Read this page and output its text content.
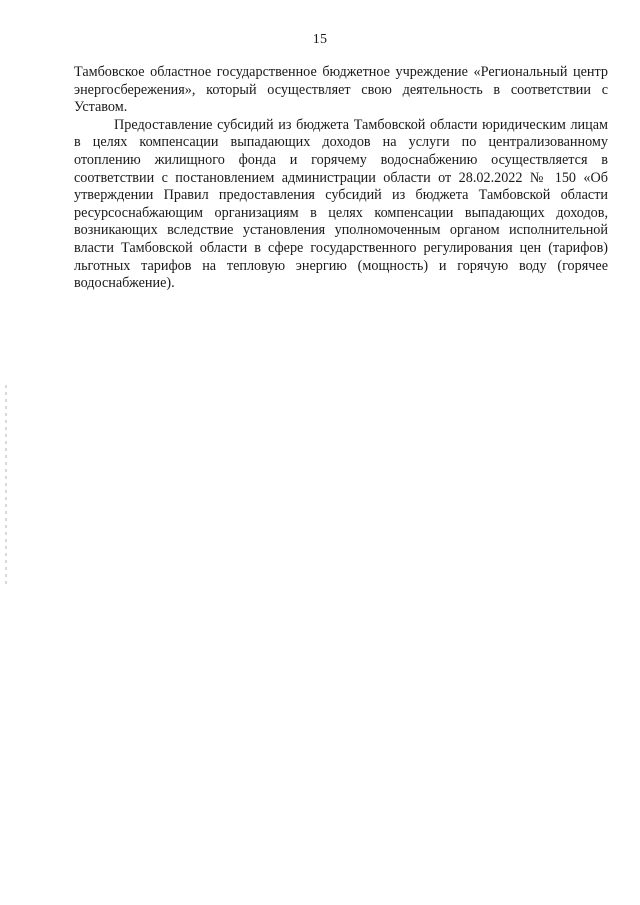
15

Тамбовское областное государственное бюджетное учреждение «Региональный центр энергосбережения», который осуществляет свою деятельность в соответствии с Уставом.

Предоставление субсидий из бюджета Тамбовской области юридическим лицам в целях компенсации выпадающих доходов на услуги по централизованному отоплению жилищного фонда и горячему водоснабжению осуществляется в соответствии с постановлением администрации области от 28.02.2022 № 150 «Об утверждении Правил предоставления субсидий из бюджета Тамбовской области ресурсоснабжающим организациям в целях компенсации выпадающих доходов, возникающих вследствие установления уполномоченным органом исполнительной власти Тамбовской области в сфере государственного регулирования цен (тарифов) льготных тарифов на тепловую энергию (мощность) и горячую воду (горячее водоснабжение).
